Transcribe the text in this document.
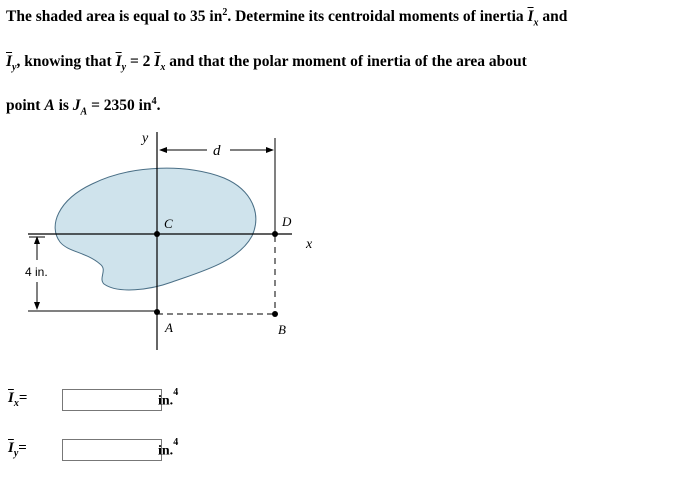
The shaded area is equal to 35 $in^2$. Determine its centroidal moments of inertia $\overline{I}_x$ and
$\overline{I}_y$, knowing that $\overline{I}_y = 2$ $\overline{I}_x$ and that the polar moment of inertia of the area about
point A is $J_A = 2350$ $in^4$.
y
x
d
4 in.
C	D
A	B
$\overline{I}_x=$	in.$^4$
$\overline{I}_y=$	in.$^4$
